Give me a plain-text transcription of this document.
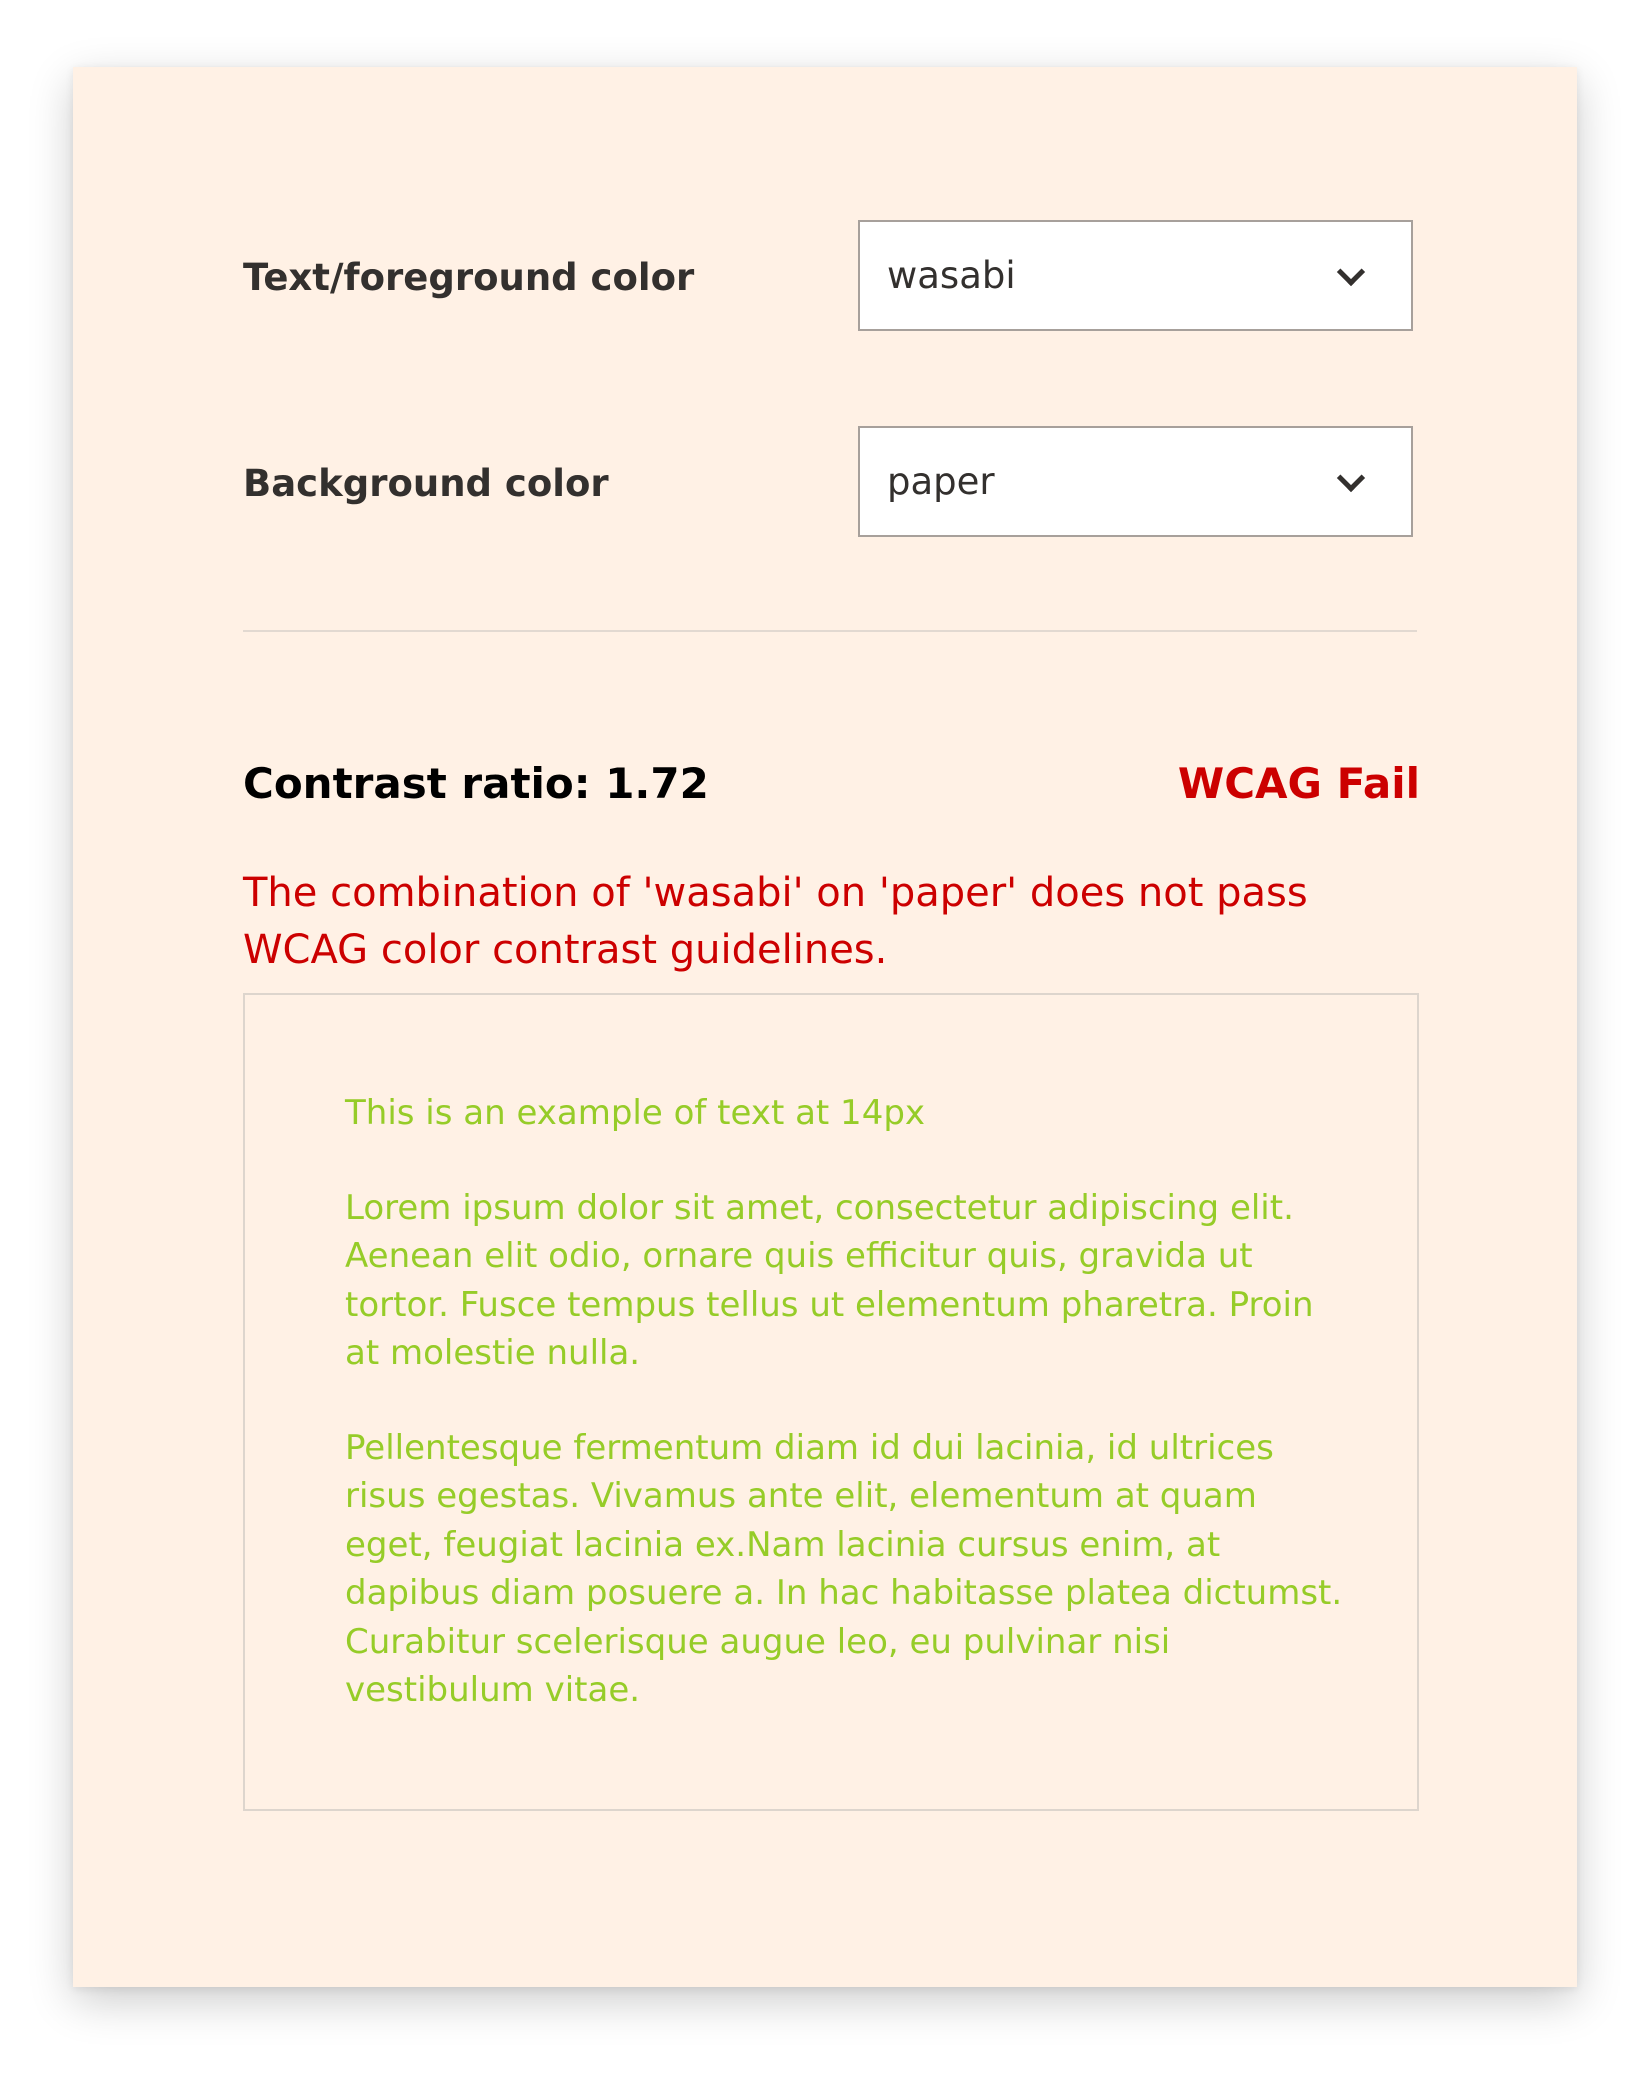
Text/foreground color	wasabi
Background color	paper
Contrast ratio: 1.72	WCAG Fail
The combination of 'wasabi' on 'paper' does not pass WCAG color contrast guidelines.

This is an example of text at 14px

Lorem ipsum dolor sit amet, consectetur adipiscing elit. Aenean elit odio, ornare quis efficitur quis, gravida ut tortor. Fusce tempus tellus ut elementum pharetra. Proin at molestie nulla.

Pellentesque fermentum diam id dui lacinia, id ultrices risus egestas. Vivamus ante elit, elementum at quam eget, feugiat lacinia ex.Nam lacinia cursus enim, at dapibus diam posuere a. In hac habitasse platea dictumst. Curabitur scelerisque augue leo, eu pulvinar nisi vestibulum vitae.
